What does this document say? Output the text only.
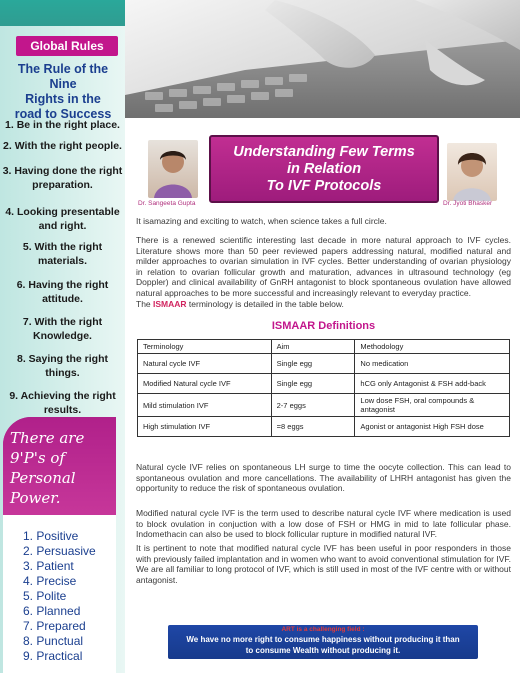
Global Rules
The Rule of the Nine
Rights in the
road to Success
1. Be in the right place.
2. With the right people.
3. Having done the right preparation.
4. Looking presentable and right.
5. With the right materials.
6. Having the right attitude.
7. With the right Knowledge.
8. Saying the right things.
9. Achieving the right results.
There are 9'P's of Personal Power.
1. Positive
2. Persuasive
3. Patient
4. Precise
5. Polite
6. Planned
7. Prepared
8. Punctual
9. Practical
Dr. Sangeeta Gupta	Dr. Jyoti Bhasker
Understanding Few Terms
in Relation
To IVF Protocols

It isamazing and exciting to watch, when science takes a full circle.

There is a renewed scientific interesting last decade in more natural approach to IVF cycles. Literature shows more than 50 peer reviewed papers addressing natural, modified natural and milder approaches to ovarian simulation in IVF cycles. Better understanding of ovarian physiology in relation to ovarian follicular growth and maturation, advances in ultrasound technology (eg Doppler) and clinical availability of GnRH antagonist to block spontaneous ovulation have allowed natural approaches to be more successful and increasingly relevant to everyday practice.

The ISMAAR terminology is detailed in the table below.

ISMAAR Definitions
Terminology	Aim	Methodology
Natural cycle IVF	Single egg	No medication
Modified Natural cycle IVF	Single egg	hCG only Antagonist & FSH add-back
Mild stimulation IVF	2-7 eggs	Low dose FSH, oral compounds & antagonist
High stimulation IVF	=8 eggs	Agonist or antagonist High FSH dose

Natural cycle IVF relies on spontaneous LH surge to time the oocyte collection. This can lead to spontaneous ovulation and more cancellations. The availability of LHRH antagonist has given the opportunity to reduce the risk of spontaneous ovulation.

Modified natural cycle IVF is the term used to describe natural cycle IVF where medication is used to block ovulation in conjuction with a low dose of FSH or HMG in mid to late follicular phase. Indomethacin can also be used to block follicular rupture in modified natural IVF.

It is pertinent to note that modified natural cycle IVF has been useful in poor responders in those with previously failed implantation and in women who want to avoid conventional stimulation for IVF. We are all familiar to long protocol of IVF, which is still used in most of the IVF centre with or without antagonist.

ART is a challenging field :
We have no more right to consume happiness without producing it than
to consume Wealth without producing it.
